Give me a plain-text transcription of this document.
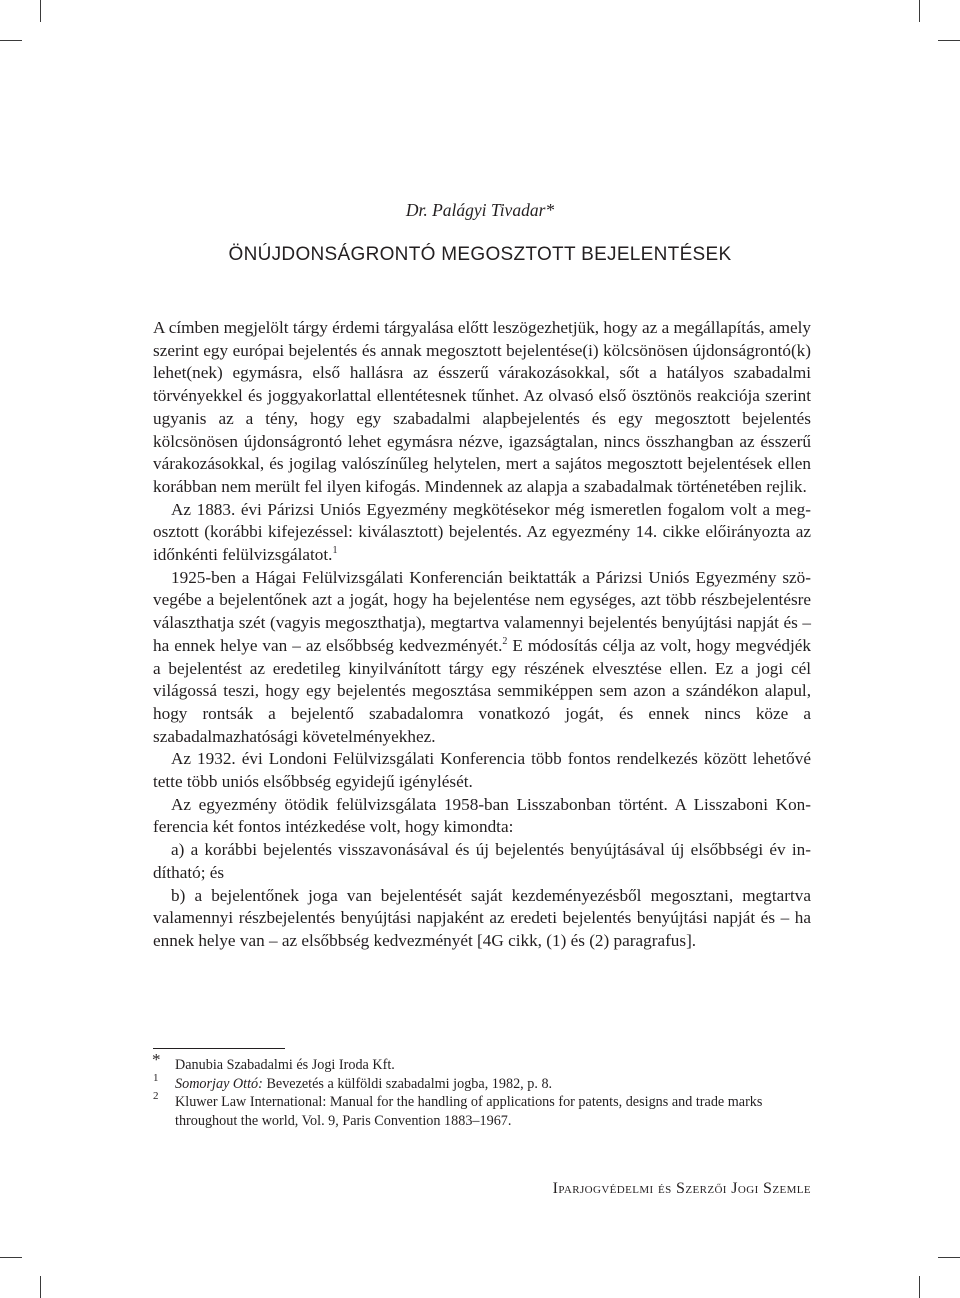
Dr. Palágyi Tivadar*
ÖNÚJDONSÁGRONTÓ MEGOSZTOTT BEJELENTÉSEK

A címben megjelölt tárgy érdemi tárgyalása előtt leszögezhetjük, hogy az a megállapítás, amely szerint egy európai bejelentés és annak megosztott bejelentése(i) kölcsönösen újdonságrontó(k) lehet(nek) egymásra, első hallásra az ésszerű várakozásokkal, sőt a hatályos szabadalmi törvényekkel és joggyakorlattal ellentétesnek tűnhet. Az olvasó első ösztönös reakciója szerint ugyanis az a tény, hogy egy szabadalmi alapbejelentés és egy megosztott bejelentés kölcsönösen újdonságrontó lehet egymásra nézve, igazságtalan, nincs összhangban az ésszerű várakozásokkal, és jogilag valószínűleg helytelen, mert a sajátos megosztott bejelentések ellen korábban nem merült fel ilyen kifogás. Mindennek az alapja a szabadalmak történetében rejlik.

Az 1883. évi Párizsi Uniós Egyezmény megkötésekor még ismeretlen fogalom volt a megosztott (korábbi kifejezéssel: kiválasztott) bejelentés. Az egyezmény 14. cikke előirányozta az időnkénti felülvizsgálatot.$^1$

1925-ben a Hágai Felülvizsgálati Konferencián beiktatták a Párizsi Uniós Egyezmény szövegébe a bejelentőnek azt a jogát, hogy ha bejelentése nem egységes, azt több részbejelentésre választhatja szét (vagyis megoszthatja), megtartva valamennyi bejelentés benyújtási napját és – ha ennek helye van – az elsőbbség kedvezményét.$^2$ E módosítás célja az volt, hogy megvédjék a bejelentést az eredetileg kinyilvánított tárgy egy részének elvesztése ellen. Ez a jogi cél világossá teszi, hogy egy bejelentés megosztása semmiképpen sem azon a szándékon alapul, hogy rontsák a bejelentő szabadalomra vonatkozó jogát, és ennek nincs köze a szabadalmazhatósági követelményekhez.

Az 1932. évi Londoni Felülvizsgálati Konferencia több fontos rendelkezés között lehetővé tette több uniós elsőbbség egyidejű igénylését.

Az egyezmény ötödik felülvizsgálata 1958-ban Lisszabonban történt. A Lisszaboni Konferencia két fontos intézkedése volt, hogy kimondta:

a) a korábbi bejelentés visszavonásával és új bejelentés benyújtásával új elsőbbségi év indítható; és

b) a bejelentőnek joga van bejelentését saját kezdeményezésből megosztani, megtartva valamennyi részbejelentés benyújtási napjaként az eredeti bejelentés benyújtási napját és – ha ennek helye van – az elsőbbség kedvezményét [4G cikk, (1) és (2) paragrafus].

* Danubia Szabadalmi és Jogi Iroda Kft.
1 Somorjay Ottó: Bevezetés a külföldi szabadalmi jogba, 1982, p. 8.
2 Kluwer Law International: Manual for the handling of applications for patents, designs and trade marks throughout the world, Vol. 9, Paris Convention 1883–1967.
Iparjogvédelmi és Szerzői Jogi Szemle
